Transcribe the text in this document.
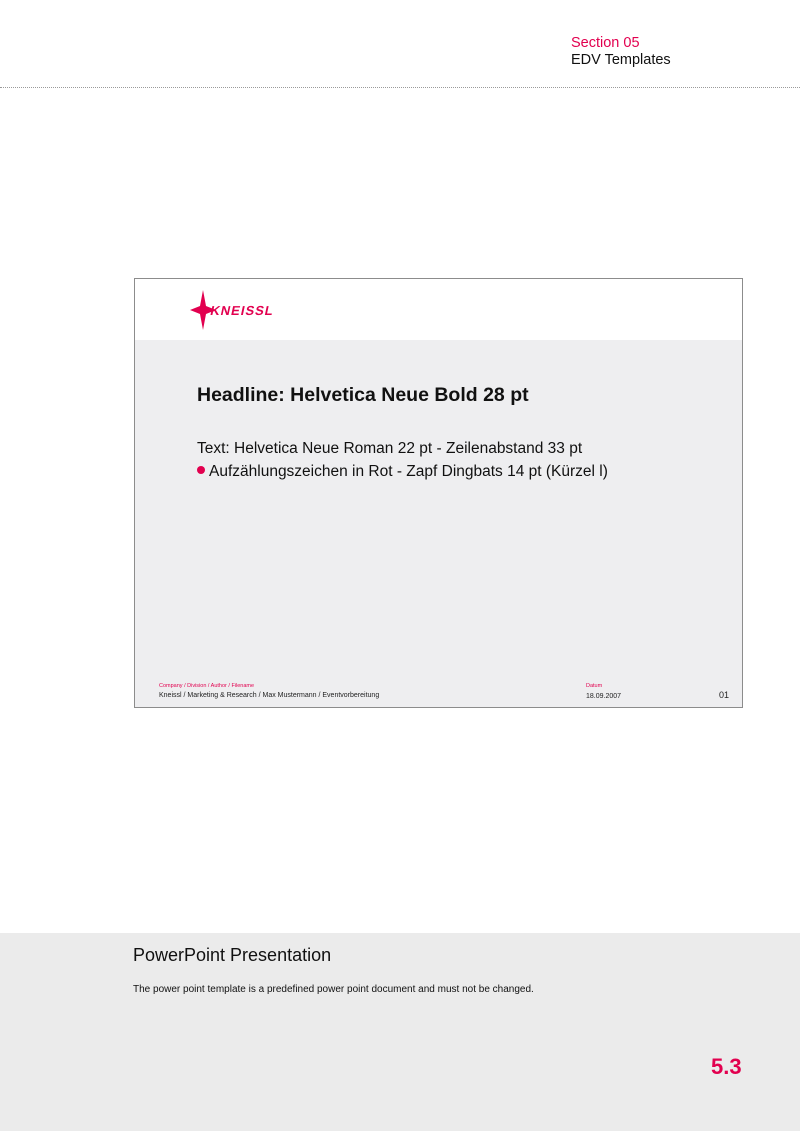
Section 05
EDV Templates
KNEISSL
Headline: Helvetica Neue Bold 28 pt
Text: Helvetica Neue Roman 22 pt - Zeilenabstand 33 pt
Aufzählungszeichen in Rot - Zapf Dingbats 14 pt (Kürzel l)
Company / Division / Author / Filename
Kneissl / Marketing & Research / Max Mustermann / Eventvorbereitung
Datum
18.09.2007	01
PowerPoint Presentation
The power point template is a predefined power point document and must not be changed.
5.3
